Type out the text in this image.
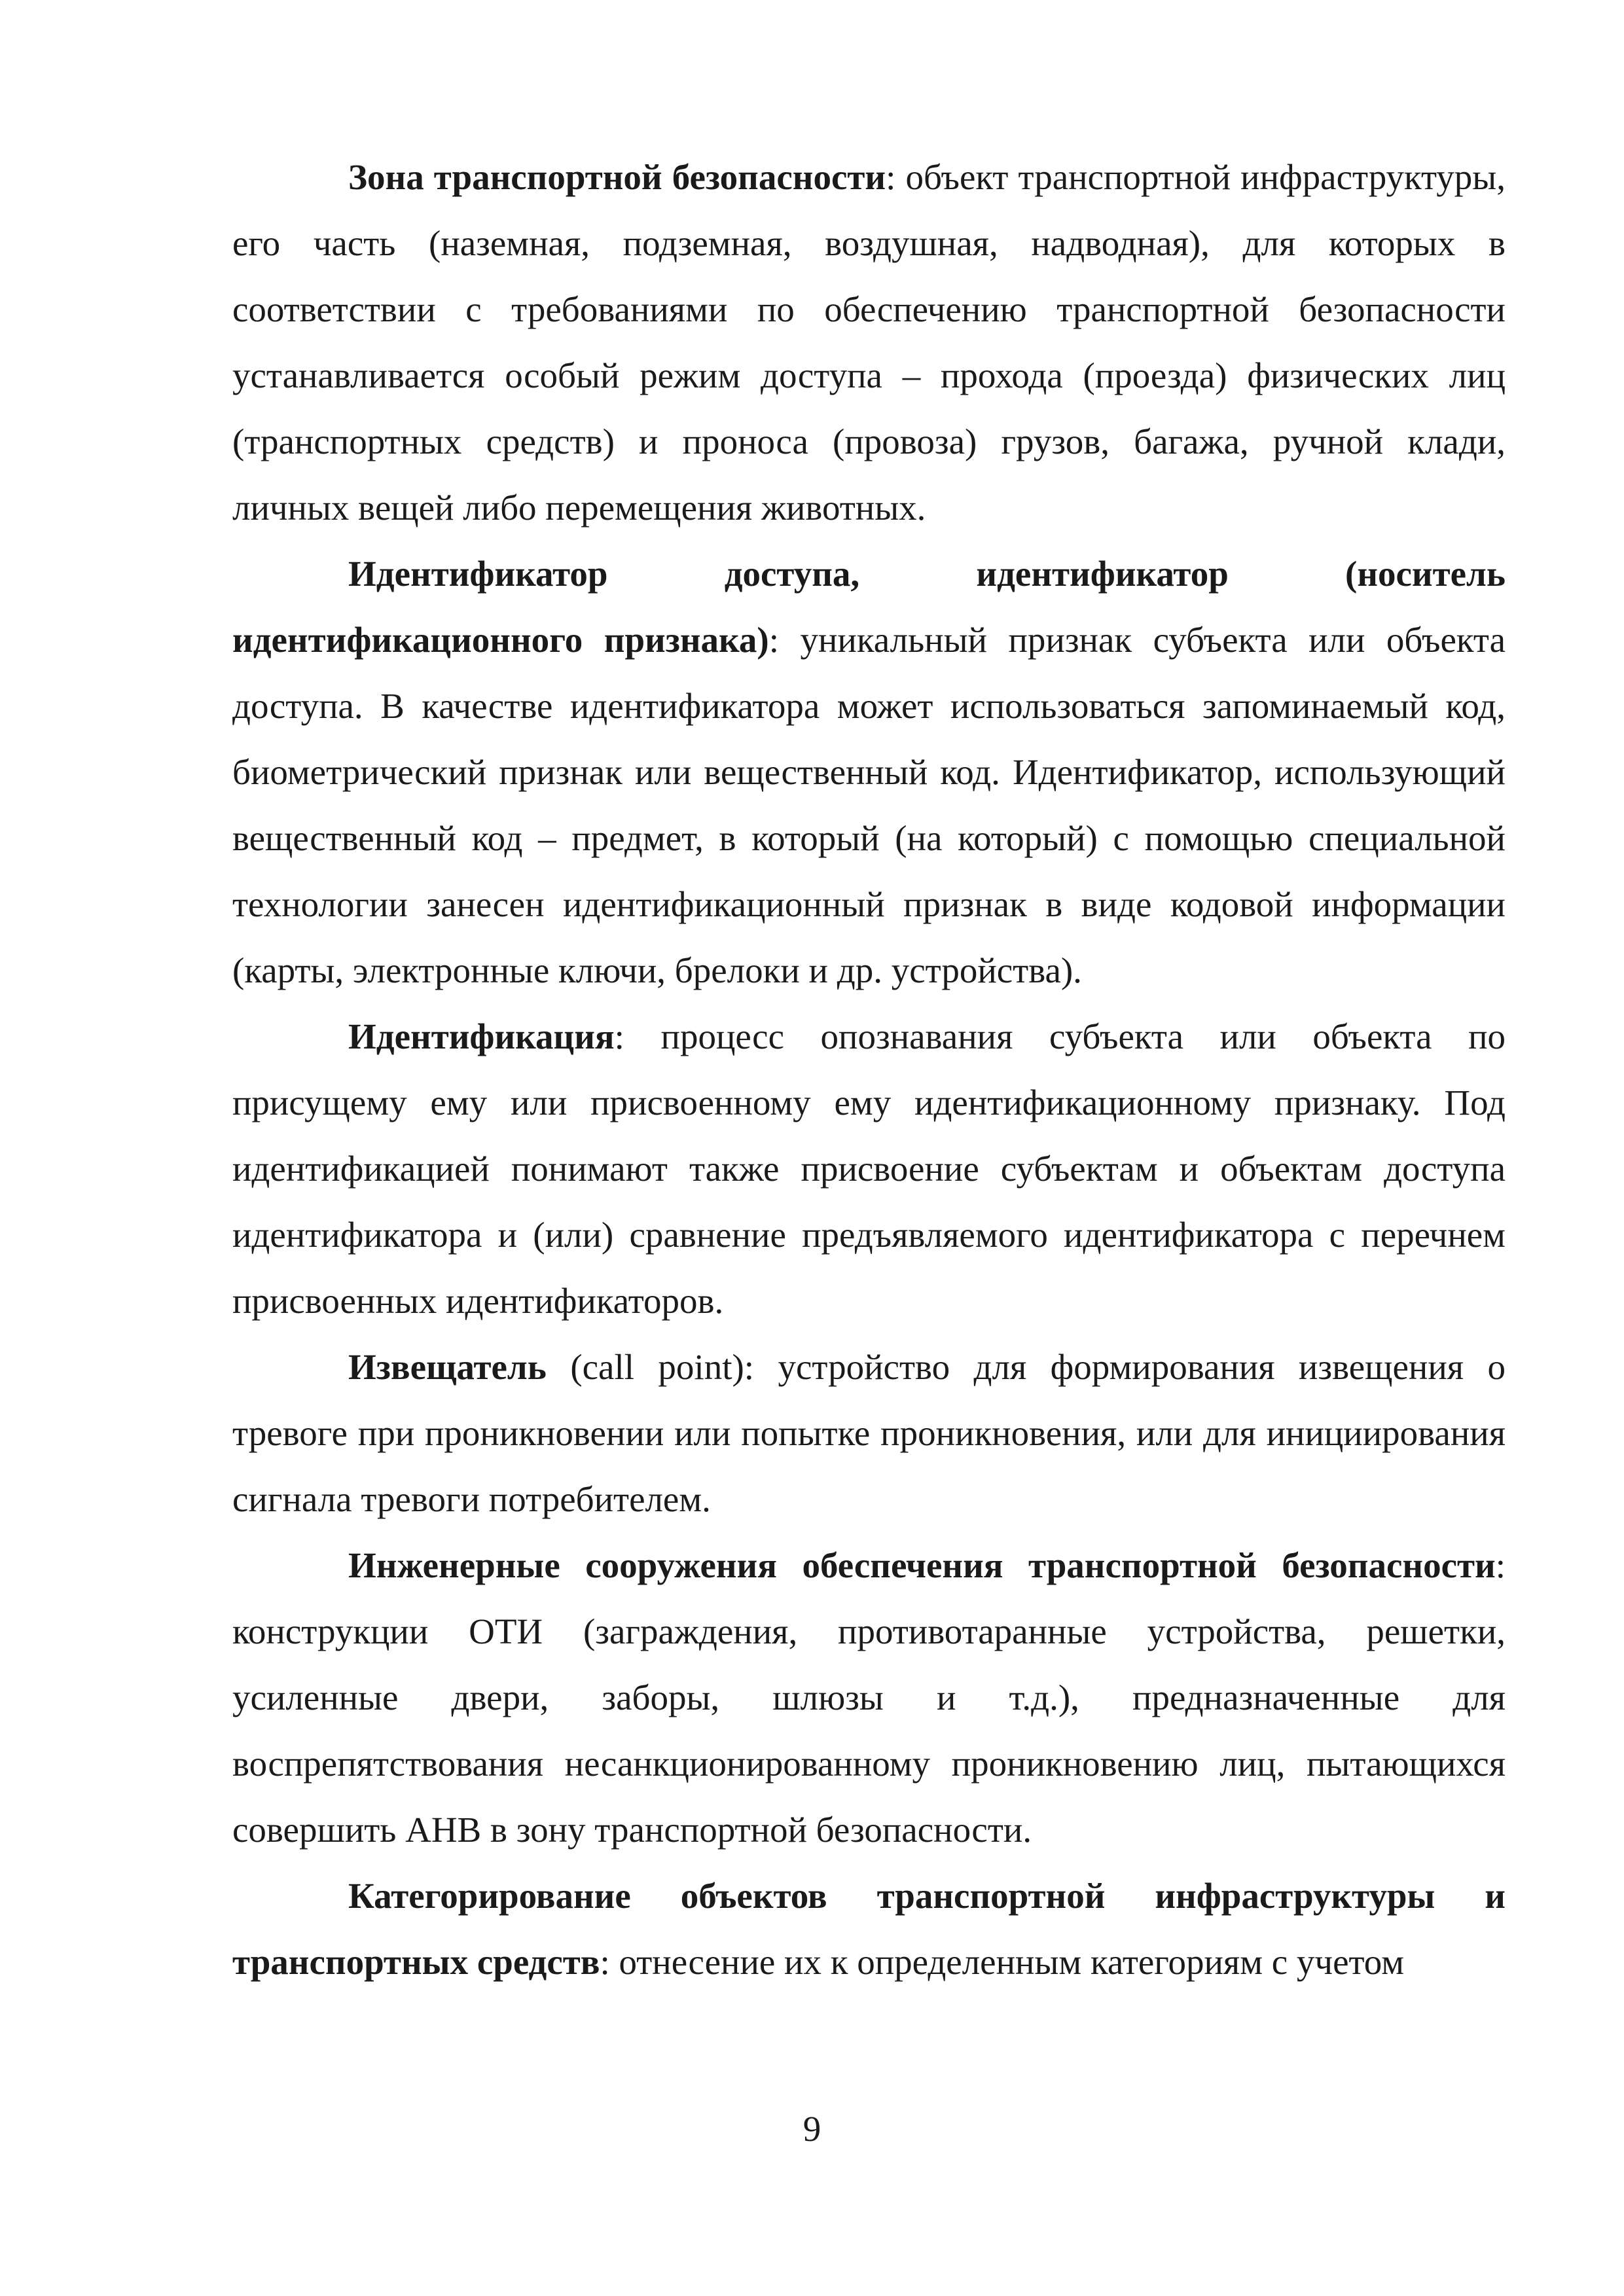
Зона транспортной безопасности: объект транспортной инфраструктуры, его часть (наземная, подземная, воздушная, надводная), для которых в соответствии с требованиями по обеспечению транспортной безопасности устанавливается особый режим доступа – прохода (проезда) физических лиц (транспортных средств) и проноса (провоза) грузов, багажа, ручной клади, личных вещей либо перемещения животных.

Идентификатор доступа, идентификатор (носитель идентификационного признака): уникальный признак субъекта или объекта доступа. В качестве идентификатора может использоваться запоминаемый код, биометрический признак или вещественный код. Идентификатор, использующий вещественный код – предмет, в который (на который) с помощью специальной технологии занесен идентификационный признак в виде кодовой информации (карты, электронные ключи, брелоки и др. устройства).

Идентификация: процесс опознавания субъекта или объекта по присущему ему или присвоенному ему идентификационному признаку. Под идентификацией понимают также присвоение субъектам и объектам доступа идентификатора и (или) сравнение предъявляемого идентификатора с перечнем присвоенных идентификаторов.

Извещатель (call point): устройство для формирования извещения о тревоге при проникновении или попытке проникновения, или для инициирования сигнала тревоги потребителем.

Инженерные сооружения обеспечения транспортной безопасности: конструкции ОТИ (заграждения, противотаранные устройства, решетки, усиленные двери, заборы, шлюзы и т.д.), предназначенные для воспрепятствования несанкционированному проникновению лиц, пытающихся совершить АНВ в зону транспортной безопасности.

Категорирование объектов транспортной инфраструктуры и транспортных средств: отнесение их к определенным категориям с учетом

9
